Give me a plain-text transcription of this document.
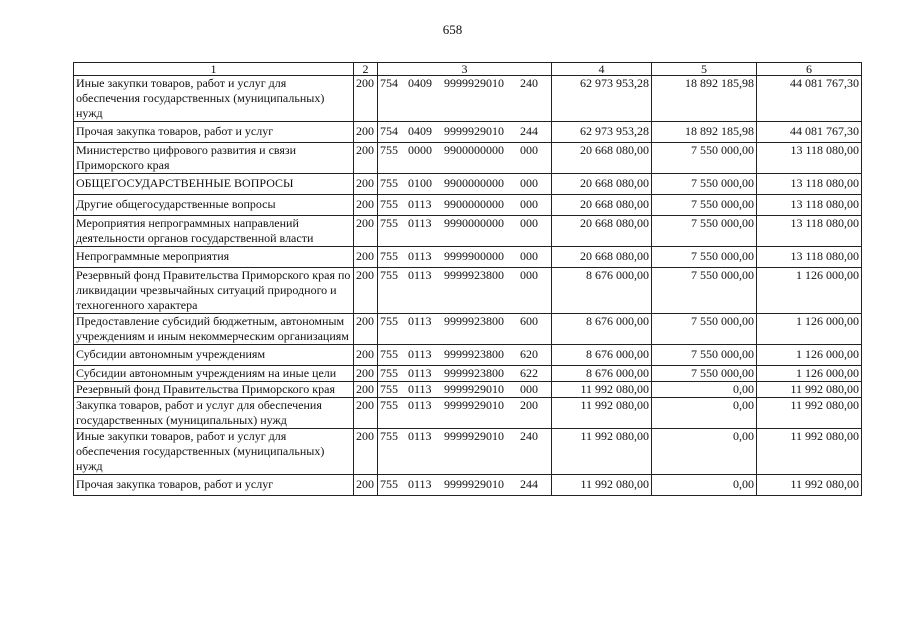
658
1	2	3	4	5	6
Иные закупки товаров, работ и услуг для обеспечения государственных (муниципальных) нужд	200	754 0409 9999929010 240	62 973 953,28	18 892 185,98	44 081 767,30
Прочая закупка товаров, работ и услуг	200	754 0409 9999929010 244	62 973 953,28	18 892 185,98	44 081 767,30
Министерство цифрового развития и связи Приморского края	200	755 0000 9900000000 000	20 668 080,00	7 550 000,00	13 118 080,00
ОБЩЕГОСУДАРСТВЕННЫЕ ВОПРОСЫ	200	755 0100 9900000000 000	20 668 080,00	7 550 000,00	13 118 080,00
Другие общегосударственные вопросы	200	755 0113 9900000000 000	20 668 080,00	7 550 000,00	13 118 080,00
Мероприятия непрограммных направлений деятельности органов государственной власти	200	755 0113 9990000000 000	20 668 080,00	7 550 000,00	13 118 080,00
Непрограммные мероприятия	200	755 0113 9999900000 000	20 668 080,00	7 550 000,00	13 118 080,00
Резервный фонд Правительства Приморского края по ликвидации чрезвычайных ситуаций природного и техногенного характера	200	755 0113 9999923800 000	8 676 000,00	7 550 000,00	1 126 000,00
Предоставление субсидий бюджетным, автономным учреждениям и иным некоммерческим организациям	200	755 0113 9999923800 600	8 676 000,00	7 550 000,00	1 126 000,00
Субсидии автономным учреждениям	200	755 0113 9999923800 620	8 676 000,00	7 550 000,00	1 126 000,00
Субсидии автономным учреждениям на иные цели	200	755 0113 9999923800 622	8 676 000,00	7 550 000,00	1 126 000,00
Резервный фонд Правительства Приморского края	200	755 0113 9999929010 000	11 992 080,00	0,00	11 992 080,00
Закупка товаров, работ и услуг для обеспечения государственных (муниципальных) нужд	200	755 0113 9999929010 200	11 992 080,00	0,00	11 992 080,00
Иные закупки товаров, работ и услуг для обеспечения государственных (муниципальных) нужд	200	755 0113 9999929010 240	11 992 080,00	0,00	11 992 080,00
Прочая закупка товаров, работ и услуг	200	755 0113 9999929010 244	11 992 080,00	0,00	11 992 080,00
